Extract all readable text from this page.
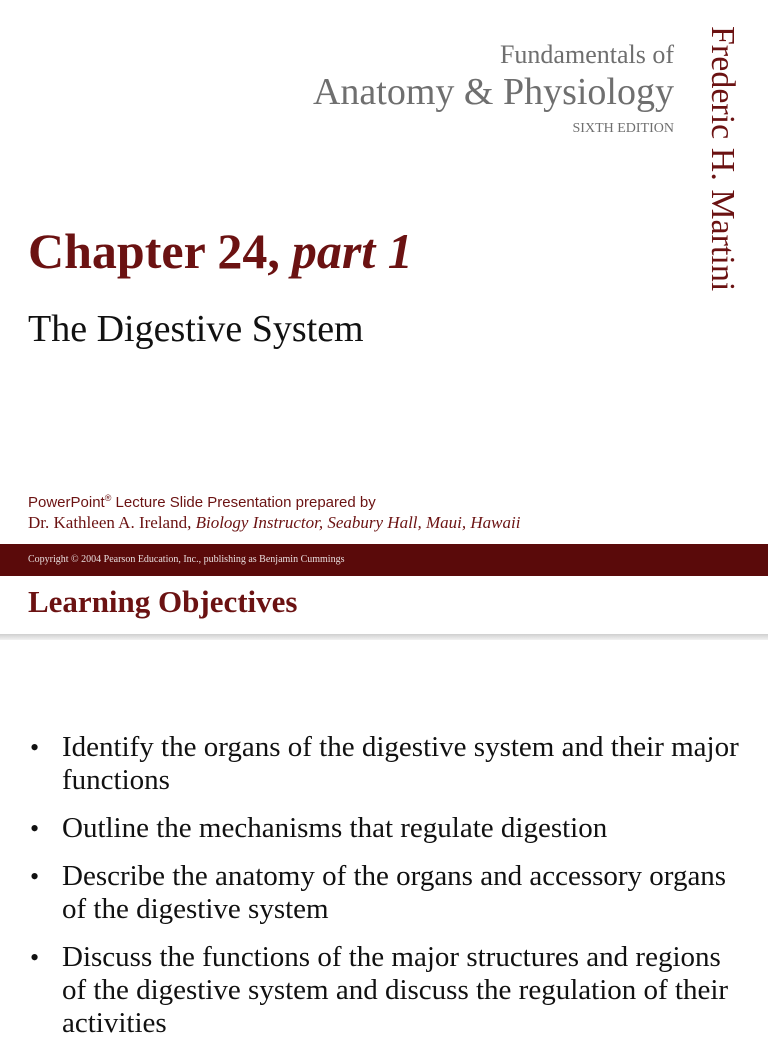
Fundamentals of
Anatomy & Physiology
SIXTH EDITION Frederic H. Martini
Chapter 24, part 1
The Digestive System
PowerPoint® Lecture Slide Presentation prepared by
Dr. Kathleen A. Ireland, Biology Instructor, Seabury Hall, Maui, Hawaii
Copyright © 2004 Pearson Education, Inc., publishing as Benjamin Cummings
Learning Objectives
• Identify the organs of the digestive system and their major functions
• Outline the mechanisms that regulate digestion
• Describe the anatomy of the organs and accessory organs of the digestive system
• Discuss the functions of the major structures and regions of the digestive system and discuss the regulation of their activities
